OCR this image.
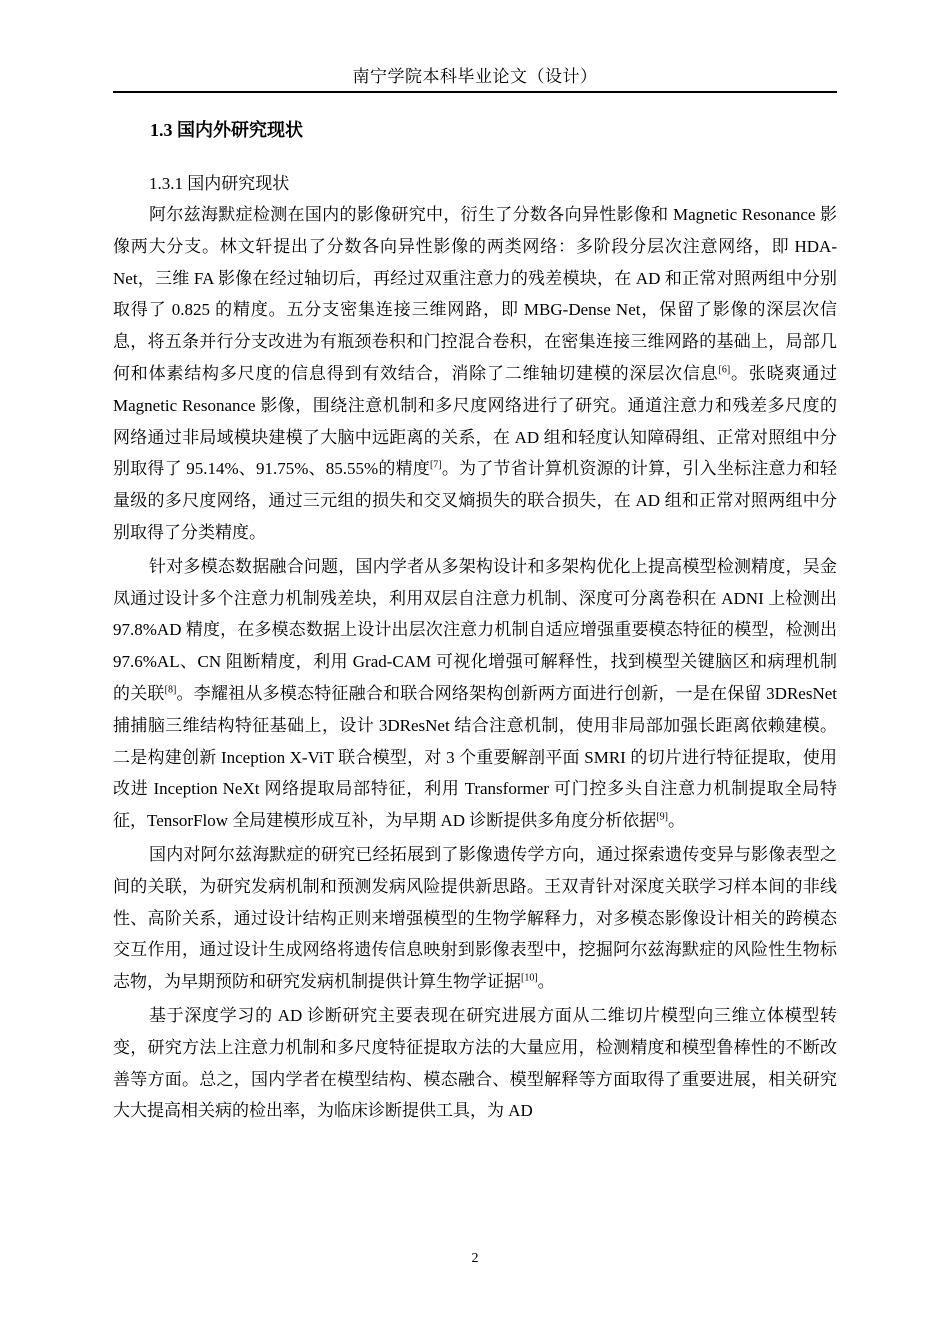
南宁学院本科毕业论文（设计）
1.3 国内外研究现状
1.3.1 国内研究现状

阿尔兹海默症检测在国内的影像研究中，衍生了分数各向异性影像和 Magnetic Resonance 影像两大分支。林文轩提出了分数各向异性影像的两类网络：多阶段分层次注意网络，即 HDA-Net，三维 FA 影像在经过轴切后，再经过双重注意力的残差模块，在 AD 和正常对照两组中分别取得了 0.825 的精度。五分支密集连接三维网路，即 MBG-Dense Net，保留了影像的深层次信息，将五条并行分支改进为有瓶颈卷积和门控混合卷积，在密集连接三维网路的基础上，局部几何和体素结构多尺度的信息得到有效结合，消除了二维轴切建模的深层次信息[6]。张晓爽通过 Magnetic Resonance 影像，围绕注意机制和多尺度网络进行了研究。通道注意力和残差多尺度的网络通过非局域模块建模了大脑中远距离的关系，在 AD 组和轻度认知障碍组、正常对照组中分别取得了 95.14%、91.75%、85.55%的精度[7]。为了节省计算机资源的计算，引入坐标注意力和轻量级的多尺度网络，通过三元组的损失和交叉熵损失的联合损失，在 AD 组和正常对照两组中分别取得了分类精度。

针对多模态数据融合问题，国内学者从多架构设计和多架构优化上提高模型检测精度，吴金凤通过设计多个注意力机制残差块，利用双层自注意力机制、深度可分离卷积在 ADNI 上检测出 97.8%AD 精度，在多模态数据上设计出层次注意力机制自适应增强重要模态特征的模型，检测出 97.6%AL、CN 阻断精度，利用 Grad-CAM 可视化增强可解释性，找到模型关键脑区和病理机制的关联[8]。李耀祖从多模态特征融合和联合网络架构创新两方面进行创新，一是在保留 3DResNet 捕捕脑三维结构特征基础上，设计 3DResNet 结合注意机制，使用非局部加强长距离依赖建模。二是构建创新 Inception X-ViT 联合模型，对 3 个重要解剖平面 SMRI 的切片进行特征提取，使用改进 Inception NeXt 网络提取局部特征，利用 Transformer 可门控多头自注意力机制提取全局特征，TensorFlow 全局建模形成互补，为早期 AD 诊断提供多角度分析依据[9]。

国内对阿尔兹海默症的研究已经拓展到了影像遗传学方向，通过探索遗传变异与影像表型之间的关联，为研究发病机制和预测发病风险提供新思路。王双青针对深度关联学习样本间的非线性、高阶关系，通过设计结构正则来增强模型的生物学解释力，对多模态影像设计相关的跨模态交互作用，通过设计生成网络将遗传信息映射到影像表型中，挖掘阿尔兹海默症的风险性生物标志物，为早期预防和研究发病机制提供计算生物学证据[10]。

基于深度学习的 AD 诊断研究主要表现在研究进展方面从二维切片模型向三维立体模型转变，研究方法上注意力机制和多尺度特征提取方法的大量应用，检测精度和模型鲁棒性的不断改善等方面。总之，国内学者在模型结构、模态融合、模型解释等方面取得了重要进展，相关研究大大提高相关病的检出率，为临床诊断提供工具，为 AD

2
